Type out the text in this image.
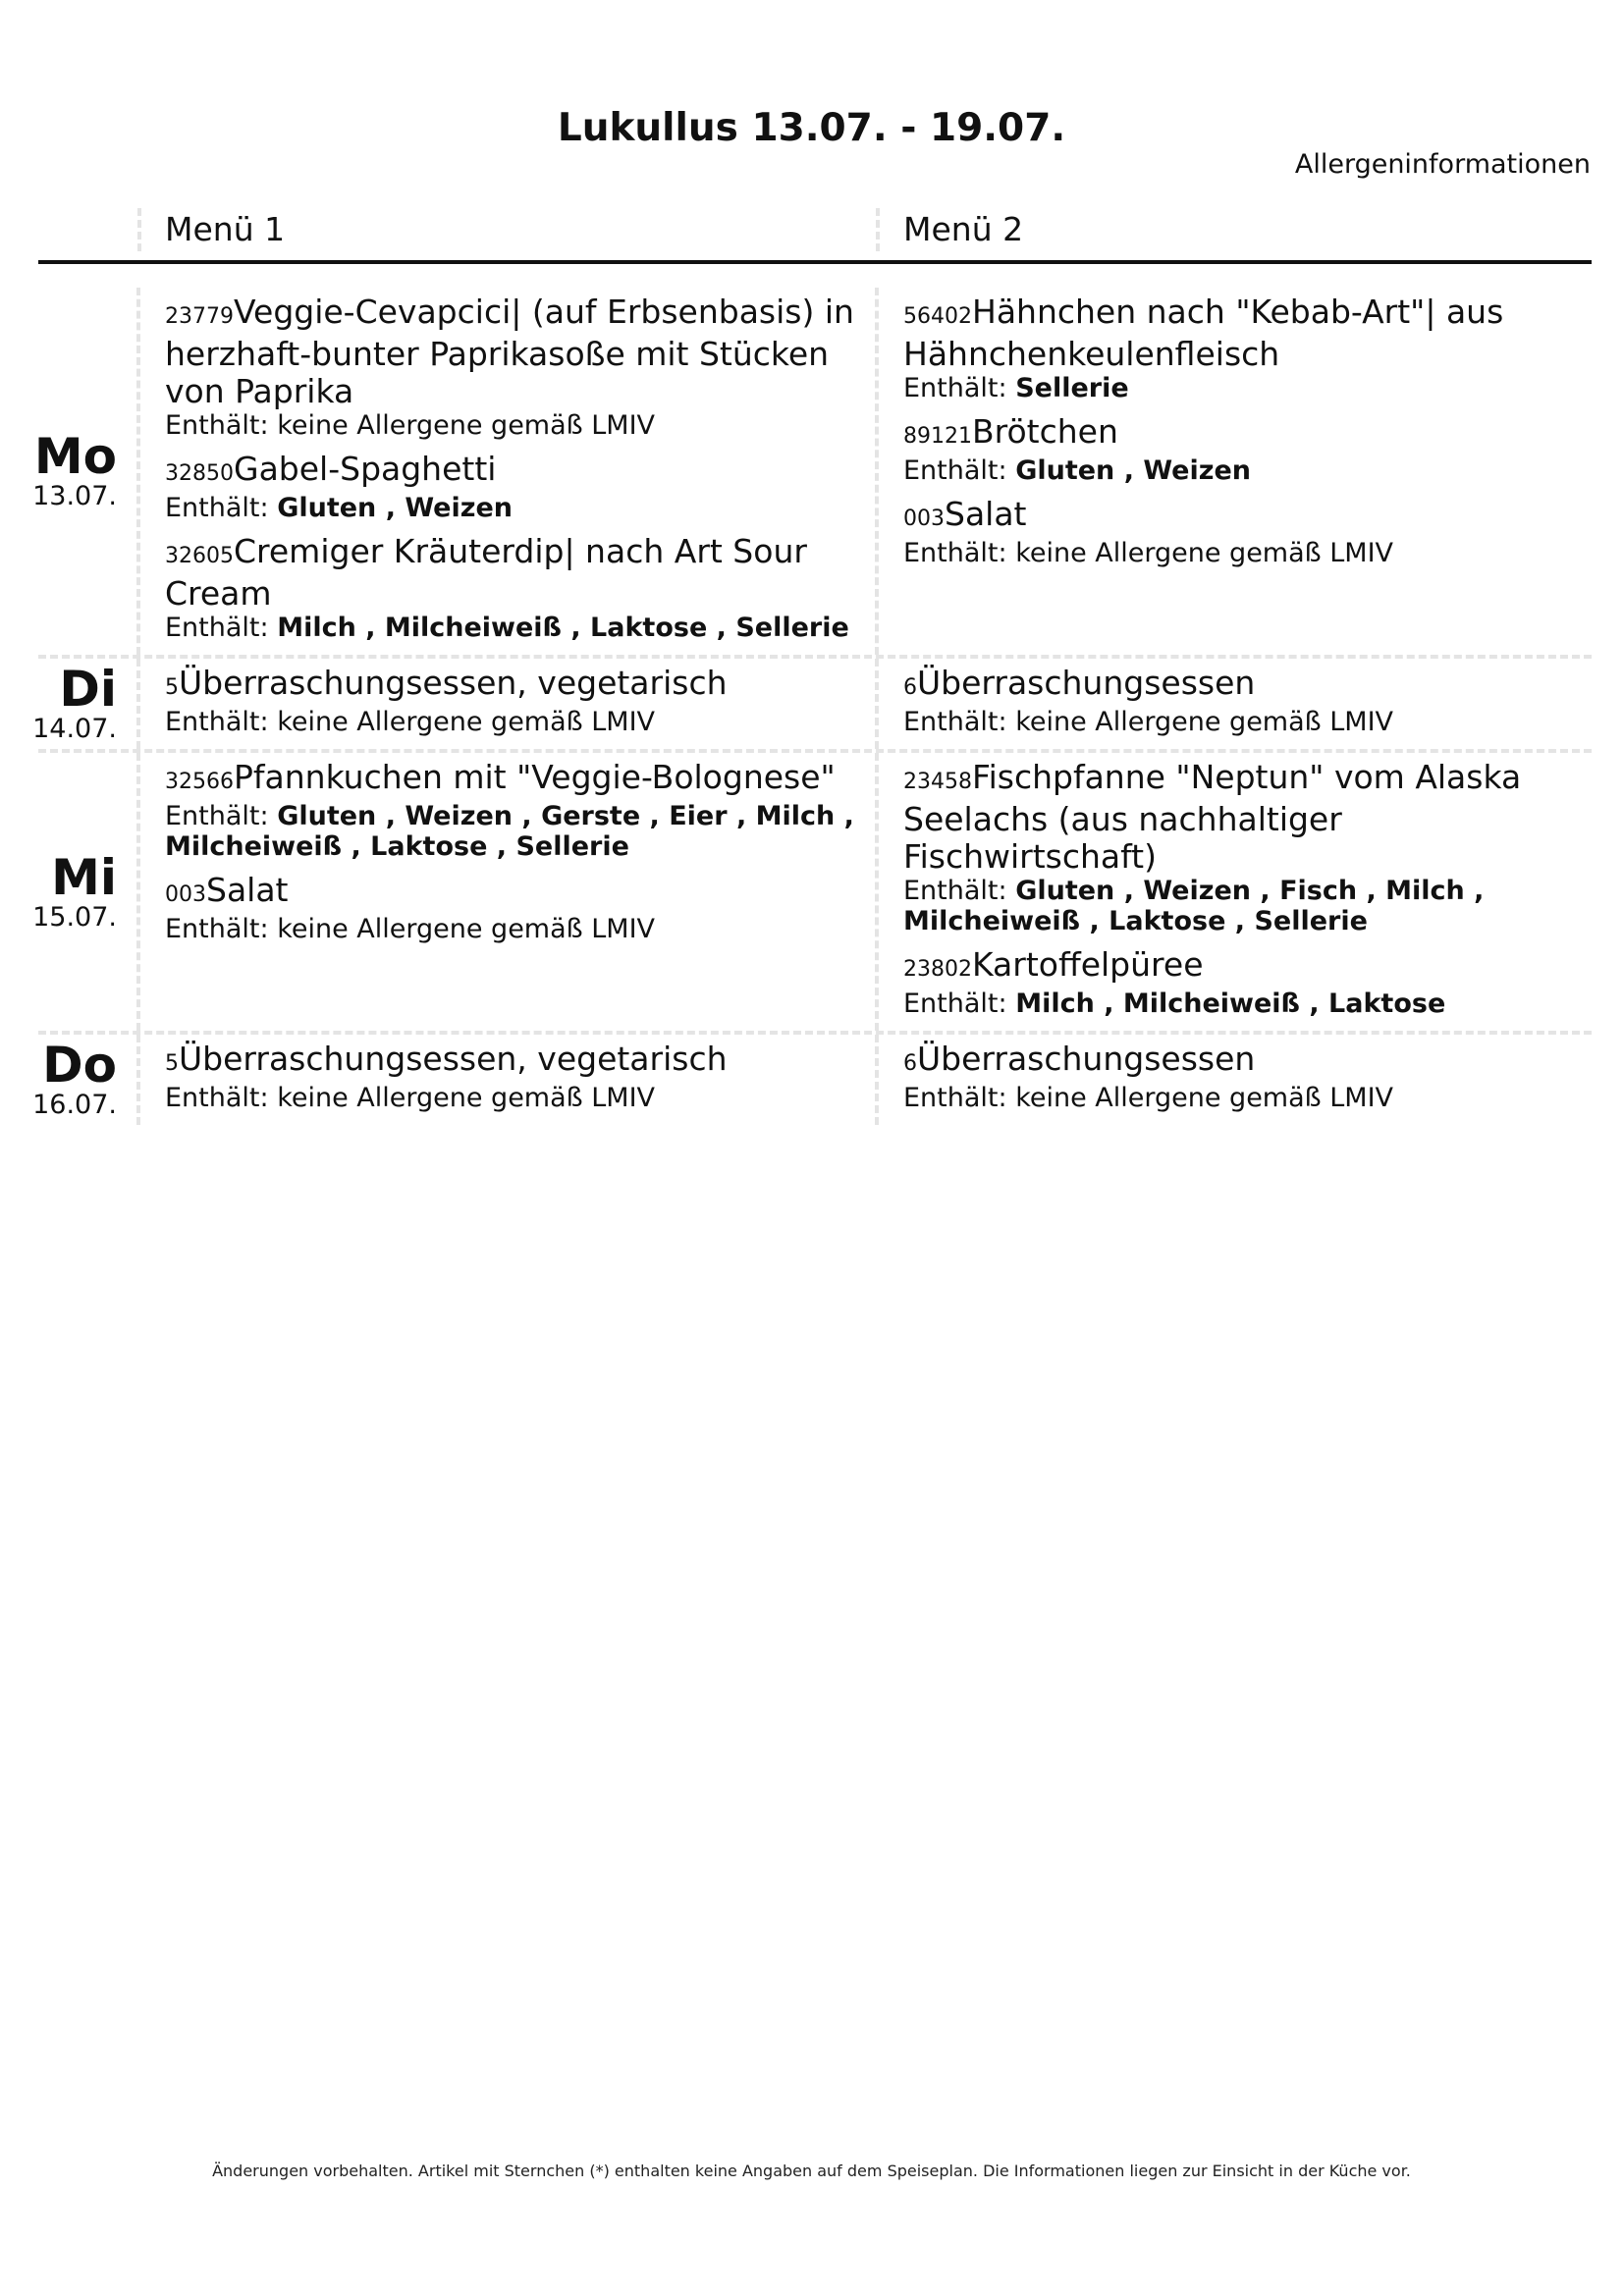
Lukullus 13.07. - 19.07.
Allergeninformationen
Menü 1	Menü 2
Mo
13.07.
23779Veggie-Cevapcici| (auf Erbsenbasis) in herzhaft-bunter Paprikasoße mit Stücken von Paprika
Enthält: keine Allergene gemäß LMIV
32850Gabel-Spaghetti
Enthält: Gluten , Weizen
32605Cremiger Kräuterdip| nach Art Sour Cream
Enthält: Milch , Milcheiweiß , Laktose , Sellerie
56402Hähnchen nach "Kebab-Art"| aus Hähnchenkeulenfleisch
Enthält: Sellerie
89121Brötchen
Enthält: Gluten , Weizen
003Salat
Enthält: keine Allergene gemäß LMIV
Di
14.07.
5Überraschungsessen, vegetarisch
Enthält: keine Allergene gemäß LMIV
6Überraschungsessen
Enthält: keine Allergene gemäß LMIV
Mi
15.07.
32566Pfannkuchen mit "Veggie-Bolognese"
Enthält: Gluten , Weizen , Gerste , Eier , Milch , Milcheiweiß , Laktose , Sellerie
003Salat
Enthält: keine Allergene gemäß LMIV
23458Fischpfanne "Neptun" vom Alaska Seelachs (aus nachhaltiger Fischwirtschaft)
Enthält: Gluten , Weizen , Fisch , Milch , Milcheiweiß , Laktose , Sellerie
23802Kartoffelpüree
Enthält: Milch , Milcheiweiß , Laktose
Do
16.07.
5Überraschungsessen, vegetarisch
Enthält: keine Allergene gemäß LMIV
6Überraschungsessen
Enthält: keine Allergene gemäß LMIV
Änderungen vorbehalten. Artikel mit Sternchen (*) enthalten keine Angaben auf dem Speiseplan. Die Informationen liegen zur Einsicht in der Küche vor.
